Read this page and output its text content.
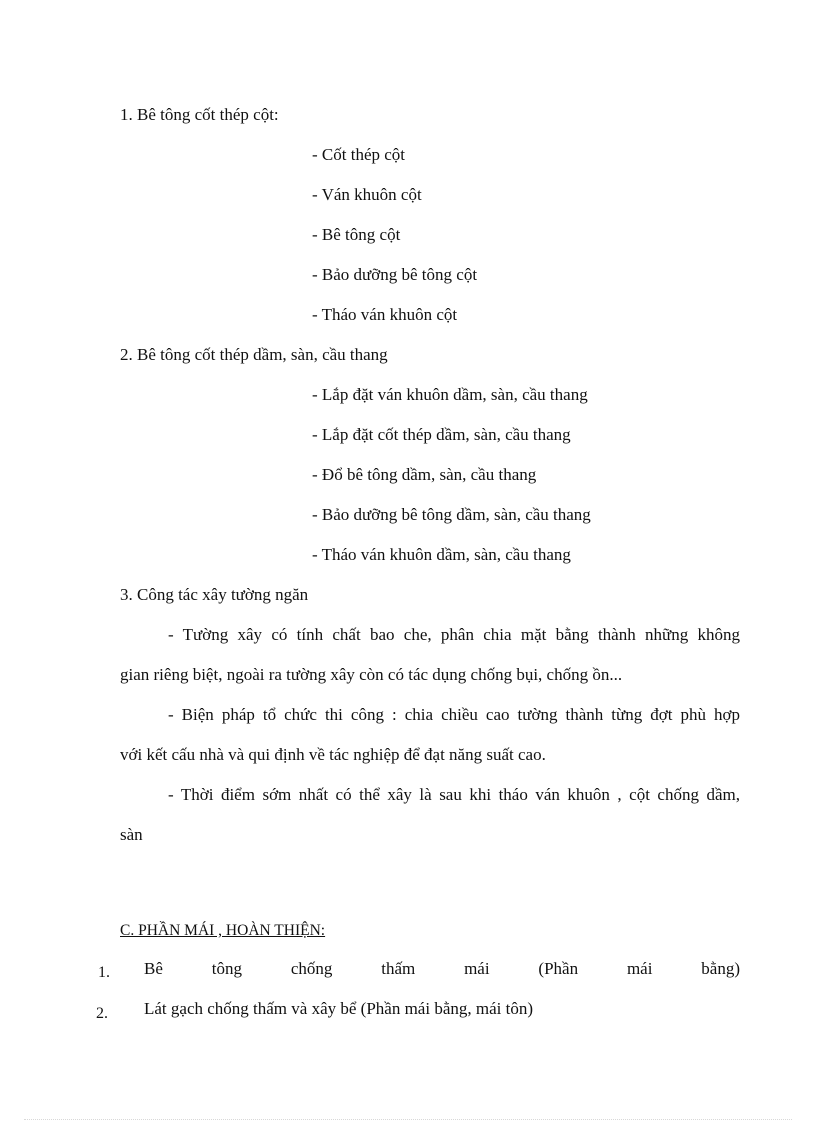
1. Bê tông cốt thép cột:
- Cốt thép cột
- Ván khuôn cột
- Bê tông cột
- Bảo dưỡng bê tông cột
- Tháo ván khuôn cột
2. Bê tông cốt thép dầm, sàn, cầu thang
- Lắp đặt ván khuôn dầm, sàn, cầu thang
- Lắp đặt cốt thép dầm, sàn, cầu thang
- Đổ bê tông dầm, sàn, cầu thang
- Bảo dưỡng bê tông dầm, sàn, cầu thang
- Tháo ván khuôn dầm, sàn, cầu thang
3. Công tác xây tường ngăn
- Tường xây có tính chất bao che, phân chia mặt bằng thành những không
gian riêng biệt, ngoài ra tường xây còn có tác dụng chống bụi, chống ồn...
- Biện pháp tổ chức thi công : chia chiều cao tường thành từng đợt phù hợp
với kết cấu nhà và qui định về tác nghiệp để đạt năng suất cao.
- Thời điểm sớm nhất có thể xây là sau khi tháo ván khuôn , cột chống dầm,
sàn
C. PHẦN MÁI , HOÀN THIỆN:
1. Bê tông chống thấm mái (Phần mái bằng)
2. Lát gạch chống thấm và xây bể (Phần mái bằng, mái tôn)
